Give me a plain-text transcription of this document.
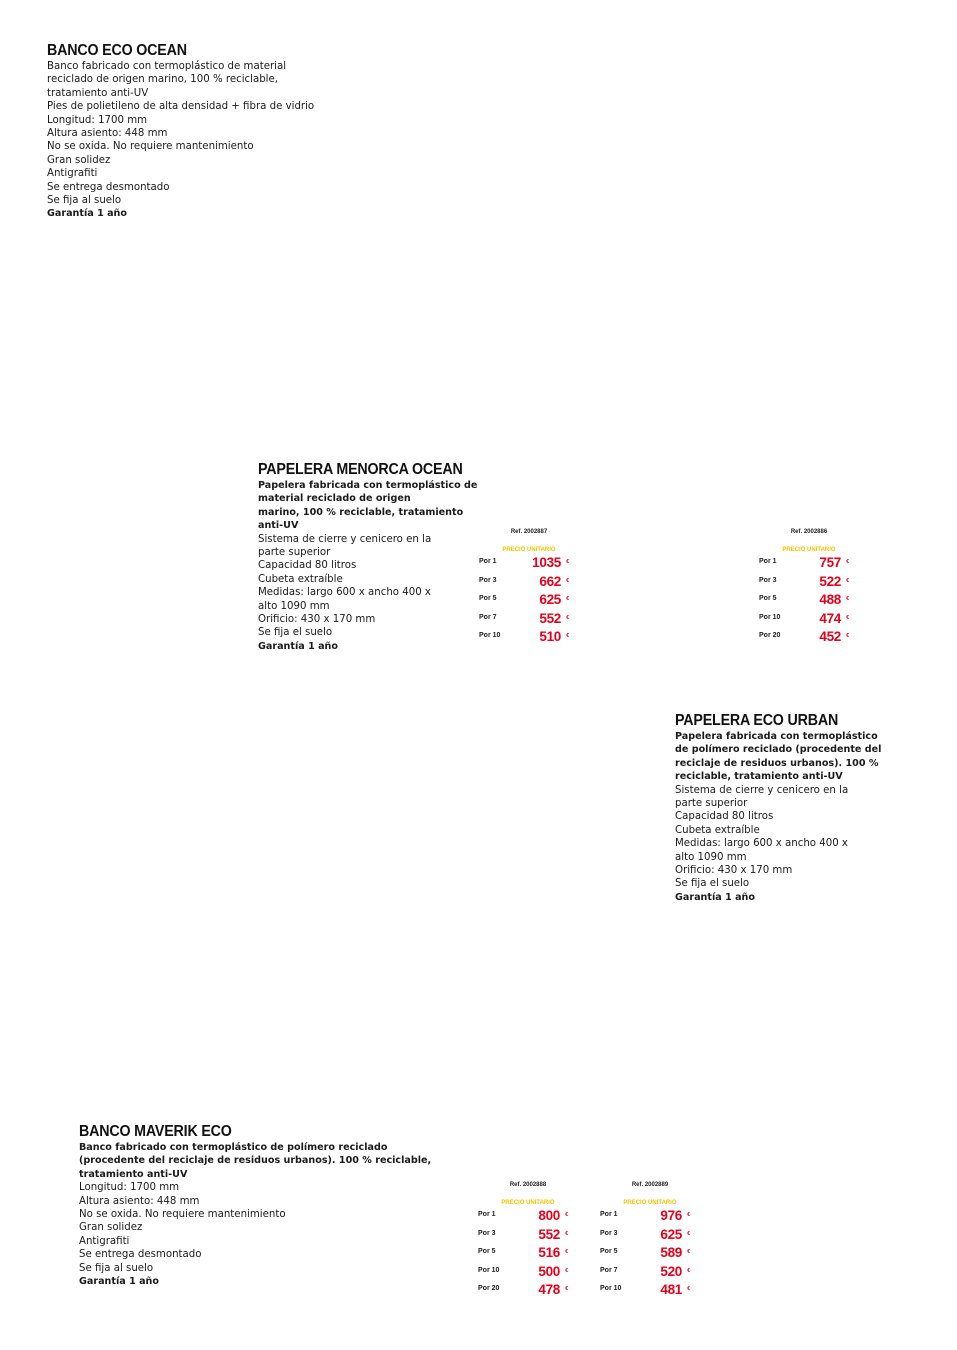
BANCO ECO OCEAN
Banco fabricado con termoplástico de material
reciclado de origen marino, 100 % reciclable,
tratamiento anti-UV
Pies de polietileno de alta densidad + fibra de vidrio
Longitud: 1700 mm
Altura asiento: 448 mm
No se oxida. No requiere mantenimiento
Gran solidez
Antigrafiti
Se entrega desmontado
Se fija al suelo
Garantía 1 año
PAPELERA MENORCA OCEAN
Papelera fabricada con termoplástico de
material reciclado de origen
marino, 100 % reciclable, tratamiento
anti-UV
Sistema de cierre y cenicero en la
parte superior
Capacidad 80 litros
Cubeta extraíble
Medidas: largo 600 x ancho 400 x
alto 1090 mm
Orificio: 430 x 170 mm
Se fija el suelo
Garantía 1 año
PAPELERA ECO URBAN
Papelera fabricada con termoplástico
de polímero reciclado (procedente del
reciclaje de residuos urbanos). 100 %
reciclable, tratamiento anti-UV
Sistema de cierre y cenicero en la
parte superior
Capacidad 80 litros
Cubeta extraíble
Medidas: largo 600 x ancho 400 x
alto 1090 mm
Orificio: 430 x 170 mm
Se fija el suelo
Garantía 1 año
BANCO MAVERIK ECO
Banco fabricado con termoplástico de polímero reciclado
(procedente del reciclaje de residuos urbanos). 100 % reciclable,
tratamiento anti-UV
Longitud: 1700 mm
Altura asiento: 448 mm
No se oxida. No requiere mantenimiento
Gran solidez
Antigrafiti
Se entrega desmontado
Se fija al suelo
Garantía 1 año
Ref. 2002887
PRECIO UNITARIO
Por 1	1035 €
Por 3	662 €
Por 5	625 €
Por 7	552 €
Por 10	510 €
Ref. 2002886
PRECIO UNITARIO
Por 1	757 €
Por 3	522 €
Por 5	488 €
Por 10	474 €
Por 20	452 €
Ref. 2002888
PRECIO UNITARIO
Por 1	800 €
Por 3	552 €
Por 5	516 €
Por 10	500 €
Por 20	478 €
Ref. 2002889
PRECIO UNITARIO
Por 1	976 €
Por 3	625 €
Por 5	589 €
Por 7	520 €
Por 10	481 €
